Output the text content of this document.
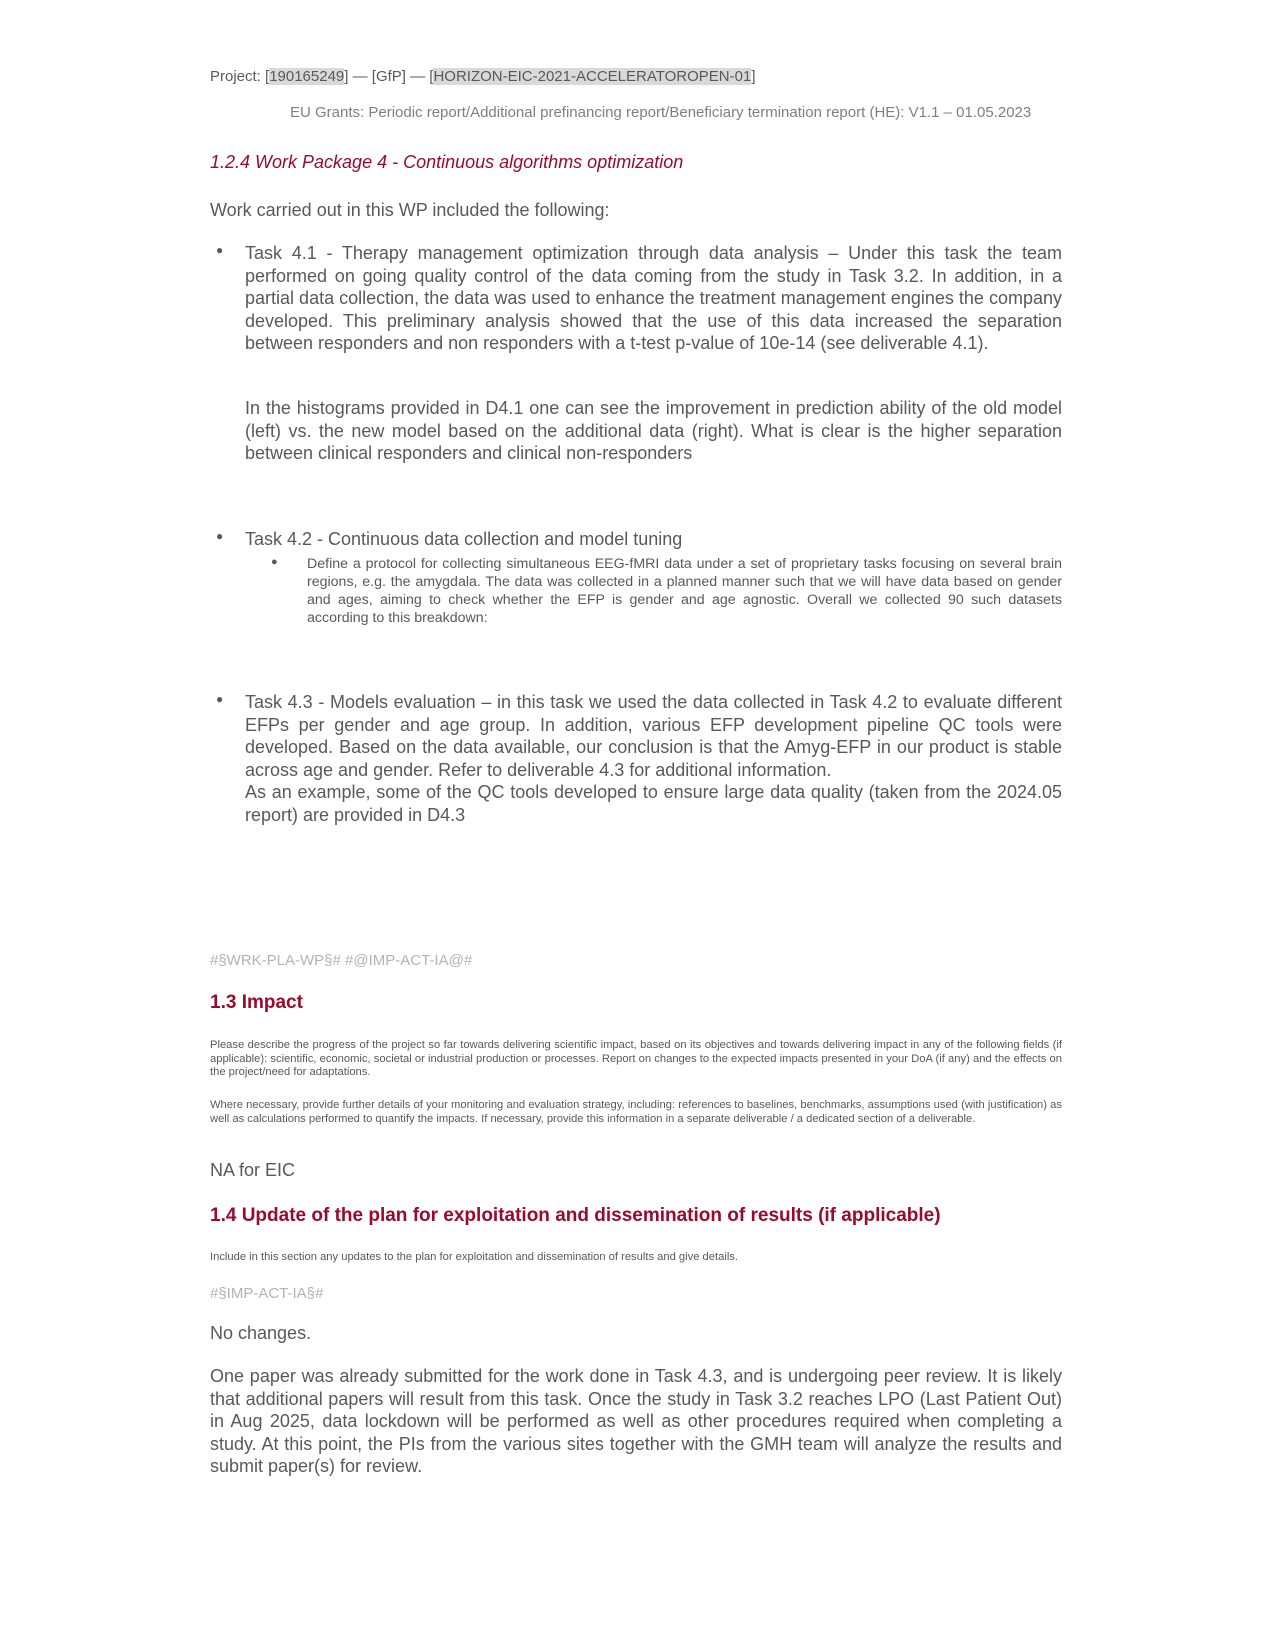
Project: [190165249] — [GfP] — [HORIZON-EIC-2021-ACCELERATOROPEN-01]
EU Grants: Periodic report/Additional prefinancing report/Beneficiary termination report (HE): V1.1 – 01.05.2023
1.2.4 Work Package 4 - Continuous algorithms optimization
Work carried out in this WP included the following:
● Task 4.1 - Therapy management optimization through data analysis – Under this task the team performed on going quality control of the data coming from the study in Task 3.2. In addition, in a partial data collection, the data was used to enhance the treatment management engines the company developed. This preliminary analysis showed that the use of this data increased the separation between responders and non responders with a t-test p-value of 10e-14 (see deliverable 4.1).
In the histograms provided in D4.1 one can see the improvement in prediction ability of the old model (left) vs. the new model based on the additional data (right). What is clear is the higher separation between clinical responders and clinical non-responders
● Task 4.2 - Continuous data collection and model tuning
● Define a protocol for collecting simultaneous EEG-fMRI data under a set of proprietary tasks focusing on several brain regions, e.g. the amygdala. The data was collected in a planned manner such that we will have data based on gender and ages, aiming to check whether the EFP is gender and age agnostic. Overall we collected 90 such datasets according to this breakdown:
● Task 4.3 - Models evaluation – in this task we used the data collected in Task 4.2 to evaluate different EFPs per gender and age group. In addition, various EFP development pipeline QC tools were developed. Based on the data available, our conclusion is that the Amyg-EFP in our product is stable across age and gender. Refer to deliverable 4.3 for additional information.
As an example, some of the QC tools developed to ensure large data quality (taken from the 2024.05 report) are provided in D4.3
#§WRK-PLA-WP§# #@IMP-ACT-IA@#
1.3 Impact
Please describe the progress of the project so far towards delivering scientific impact, based on its objectives and towards delivering impact in any of the following fields (if applicable): scientific, economic, societal or industrial production or processes. Report on changes to the expected impacts presented in your DoA (if any) and the effects on the project/need for adaptations.
Where necessary, provide further details of your monitoring and evaluation strategy, including: references to baselines, benchmarks, assumptions used (with justification) as well as calculations performed to quantify the impacts. If necessary, provide this information in a separate deliverable / a dedicated section of a deliverable.
NA for EIC
1.4 Update of the plan for exploitation and dissemination of results (if applicable)
Include in this section any updates to the plan for exploitation and dissemination of results and give details.
#§IMP-ACT-IA§#
No changes.
One paper was already submitted for the work done in Task 4.3, and is undergoing peer review. It is likely that additional papers will result from this task. Once the study in Task 3.2 reaches LPO (Last Patient Out) in Aug 2025, data lockdown will be performed as well as other procedures required when completing a study. At this point, the PIs from the various sites together with the GMH team will analyze the results and submit paper(s) for review.
